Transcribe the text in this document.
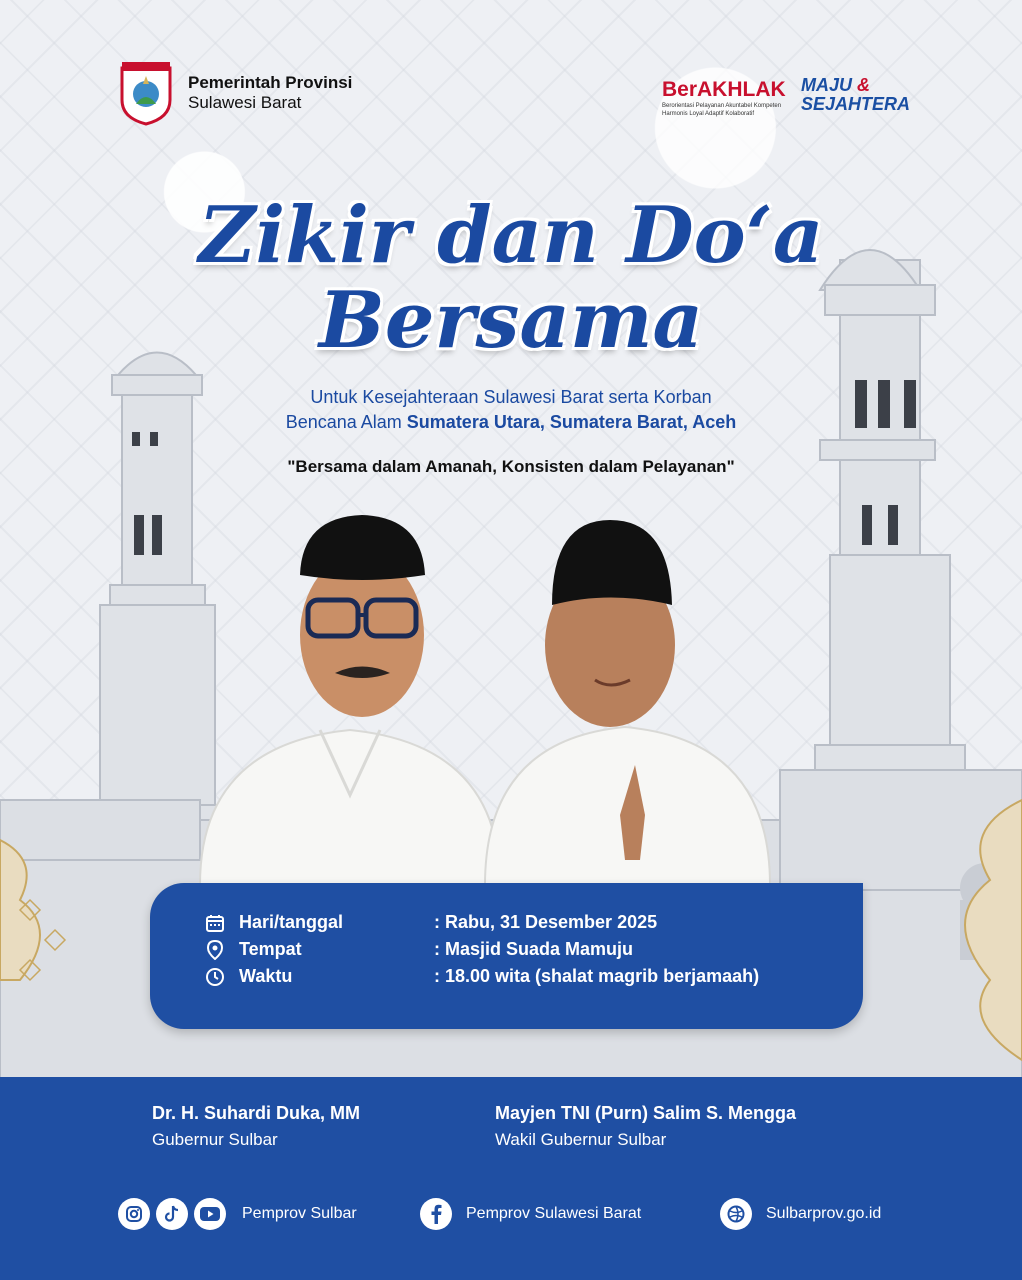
Pemerintah Provinsi
Sulawesi Barat
BerAKHLAK
Berorientasi Pelayanan Akuntabel Kompeten
Harmonis Loyal Adaptif Kolaboratif
MAJU &
SEJAHTERA
Zikir dan Do‘a
Bersama
Untuk Kesejahteraan Sulawesi Barat serta Korban
Bencana Alam Sumatera Utara, Sumatera Barat, Aceh
"Bersama dalam Amanah, Konsisten dalam Pelayanan"
Hari/tanggal	: Rabu, 31 Desember 2025
Tempat	: Masjid Suada Mamuju
Waktu	: 18.00 wita (shalat magrib berjamaah)
Dr. H. Suhardi Duka, MM
Gubernur Sulbar
Mayjen TNI (Purn) Salim S. Mengga
Wakil Gubernur Sulbar
Pemprov Sulbar	Pemprov Sulawesi Barat	Sulbarprov.go.id
